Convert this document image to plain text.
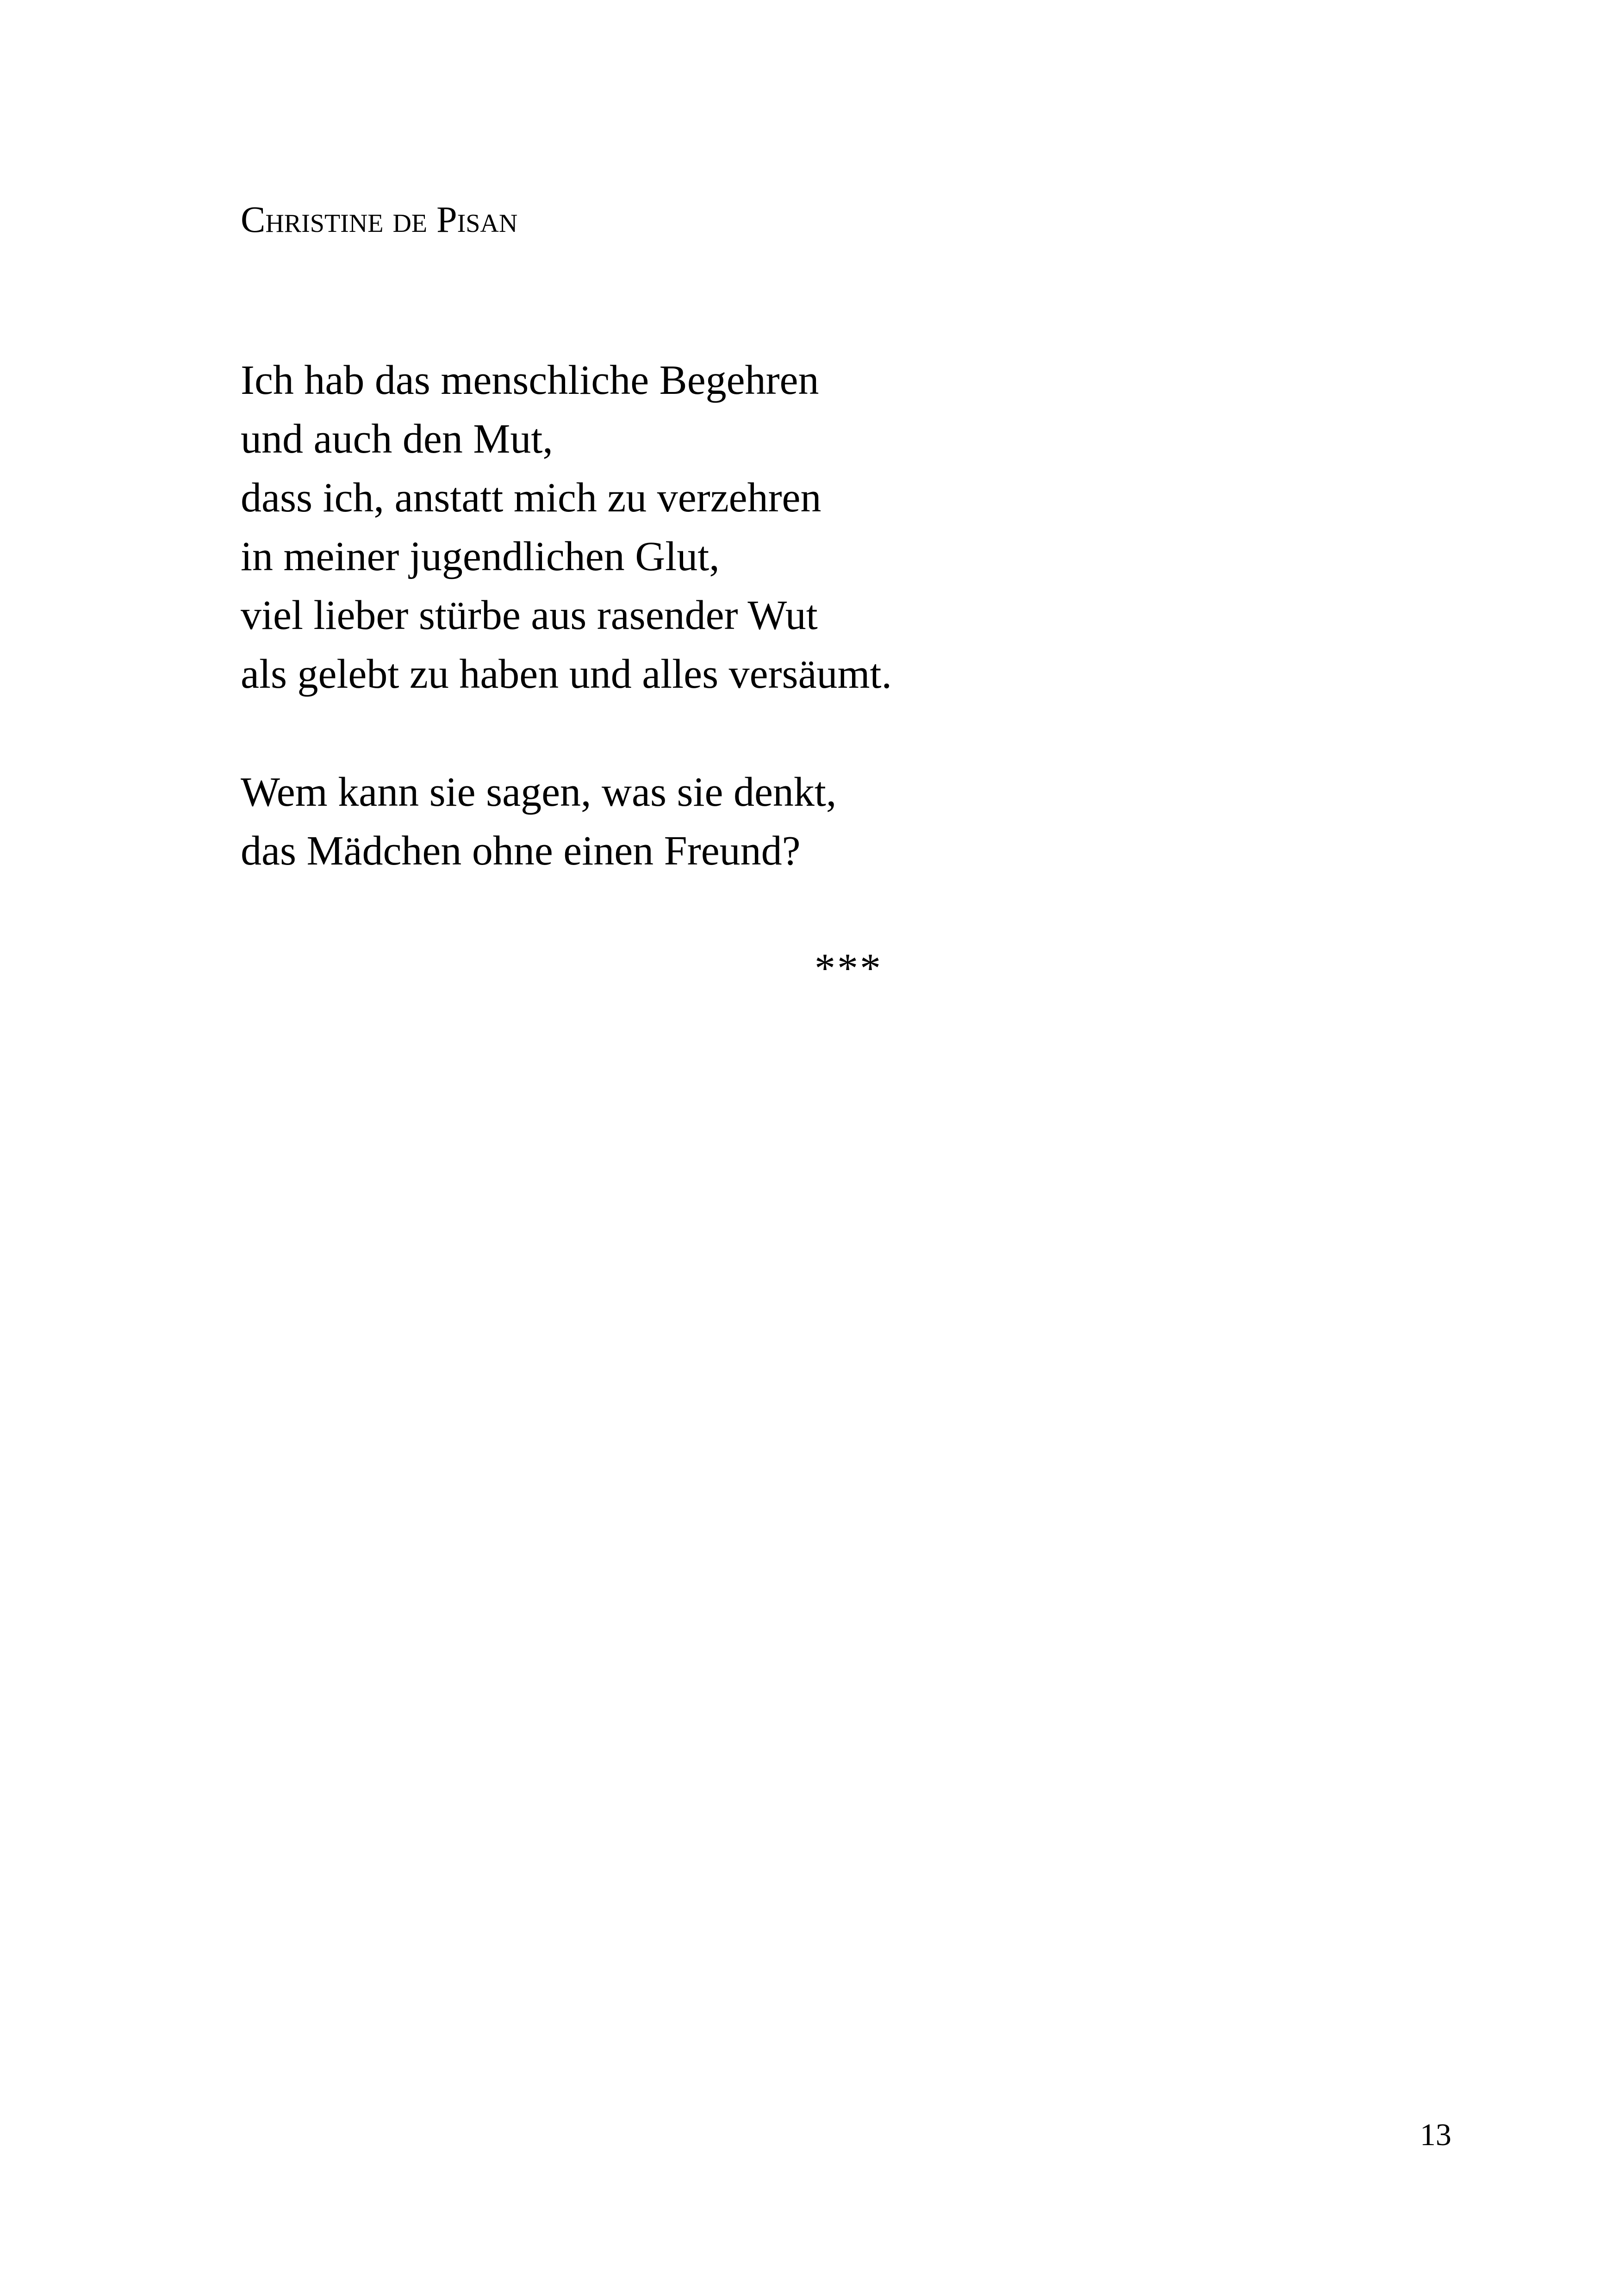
Christine de Pisan
Ich hab das menschliche Begehren
und auch den Mut,
dass ich, anstatt mich zu verzehren
in meiner jugendlichen Glut,
viel lieber stürbe aus rasender Wut
als gelebt zu haben und alles versäumt.
Wem kann sie sagen, was sie denkt,
das Mädchen ohne einen Freund?
***
13
